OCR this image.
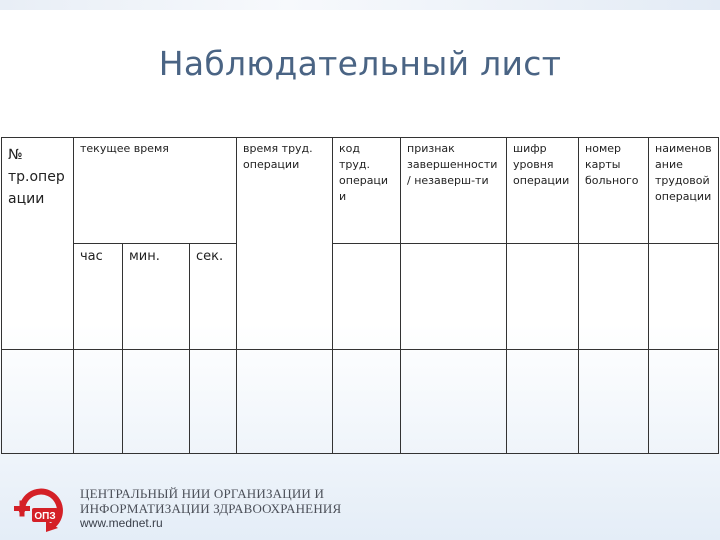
Наблюдательный лист
№ тр.опер ации	текущее время			время труд. операции	код труд. операции	признак завершенности/ незаверш-ти	шифр уровня операции	номер карты больного	наименов ание трудовой операции
	час	мин.	сек.						

ОПЗ
ЦЕНТРАЛЬНЫЙ НИИ ОРГАНИЗАЦИИ И
ИНФОРМАТИЗАЦИИ ЗДРАВООХРАНЕНИЯ
www.mednet.ru
